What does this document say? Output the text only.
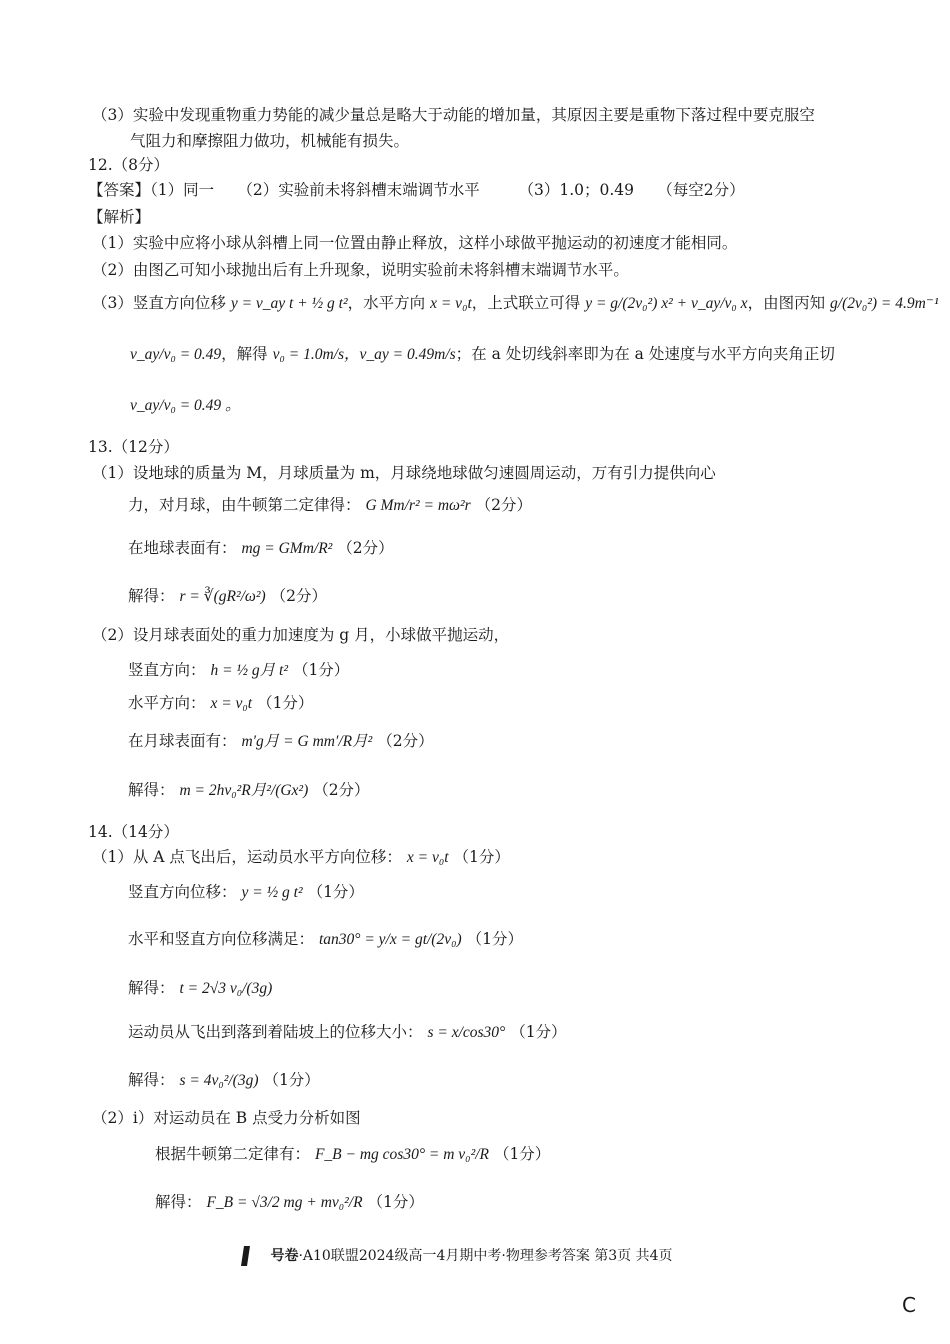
（3）实验中发现重物重力势能的减少量总是略大于动能的增加量，其原因主要是重物下落过程中要克服空
气阻力和摩擦阻力做功，机械能有损失。
12.（8分）
【答案】（1）同一　　（2）实验前未将斜槽末端调节水平　　　（3）1.0；0.49　　（每空2分）
【解析】
（1）实验中应将小球从斜槽上同一位置由静止释放，这样小球做平抛运动的初速度才能相同。
（2）由图乙可知小球抛出后有上升现象，说明实验前未将斜槽末端调节水平。
（3）竖直方向位移 y = v_ay t + ½ g t²，水平方向 x = v₀t，上式联立可得 y = g/(2v₀²) x² + v_ay/v₀ x，由图丙知 g/(2v₀²) = 4.9m⁻¹
v_ay/v₀ = 0.49，解得 v₀ = 1.0m/s，v_ay = 0.49m/s；在 a 处切线斜率即为在 a 处速度与水平方向夹角正切
v_ay/v₀ = 0.49 。
13.（12分）
（1）设地球的质量为 M，月球质量为 m，月球绕地球做匀速圆周运动，万有引力提供向心
力，对月球，由牛顿第二定律得： G Mm/r² = mω²r （2分）
在地球表面有： mg = GMm/R² （2分）
解得： r = ∛(gR²/ω²) （2分）
（2）设月球表面处的重力加速度为 g 月，小球做平抛运动，
竖直方向： h = ½ g月 t² （1分）
水平方向： x = v₀t （1分）
在月球表面有： m′g月 = G mm′/R月² （2分）
解得： m = 2hv₀²R月²/(Gx²) （2分）
14.（14分）
（1）从 A 点飞出后，运动员水平方向位移： x = v₀t （1分）
竖直方向位移： y = ½ g t² （1分）
水平和竖直方向位移满足： tan30° = y/x = gt/(2v₀) （1分）
解得： t = 2√3 v₀/(3g)
运动员从飞出到落到着陆坡上的位移大小： s = x/cos30° （1分）
解得： s = 4v₀²/(3g) （1分）
（2）i）对运动员在 B 点受力分析如图
根据牛顿第二定律有： F_B − mg cos30° = m v₀²/R （1分）
解得： F_B = √3/2 mg + mv₀²/R （1分）
号卷·A10联盟2024级高一4月期中考·物理参考答案 第3页 共4页
C
